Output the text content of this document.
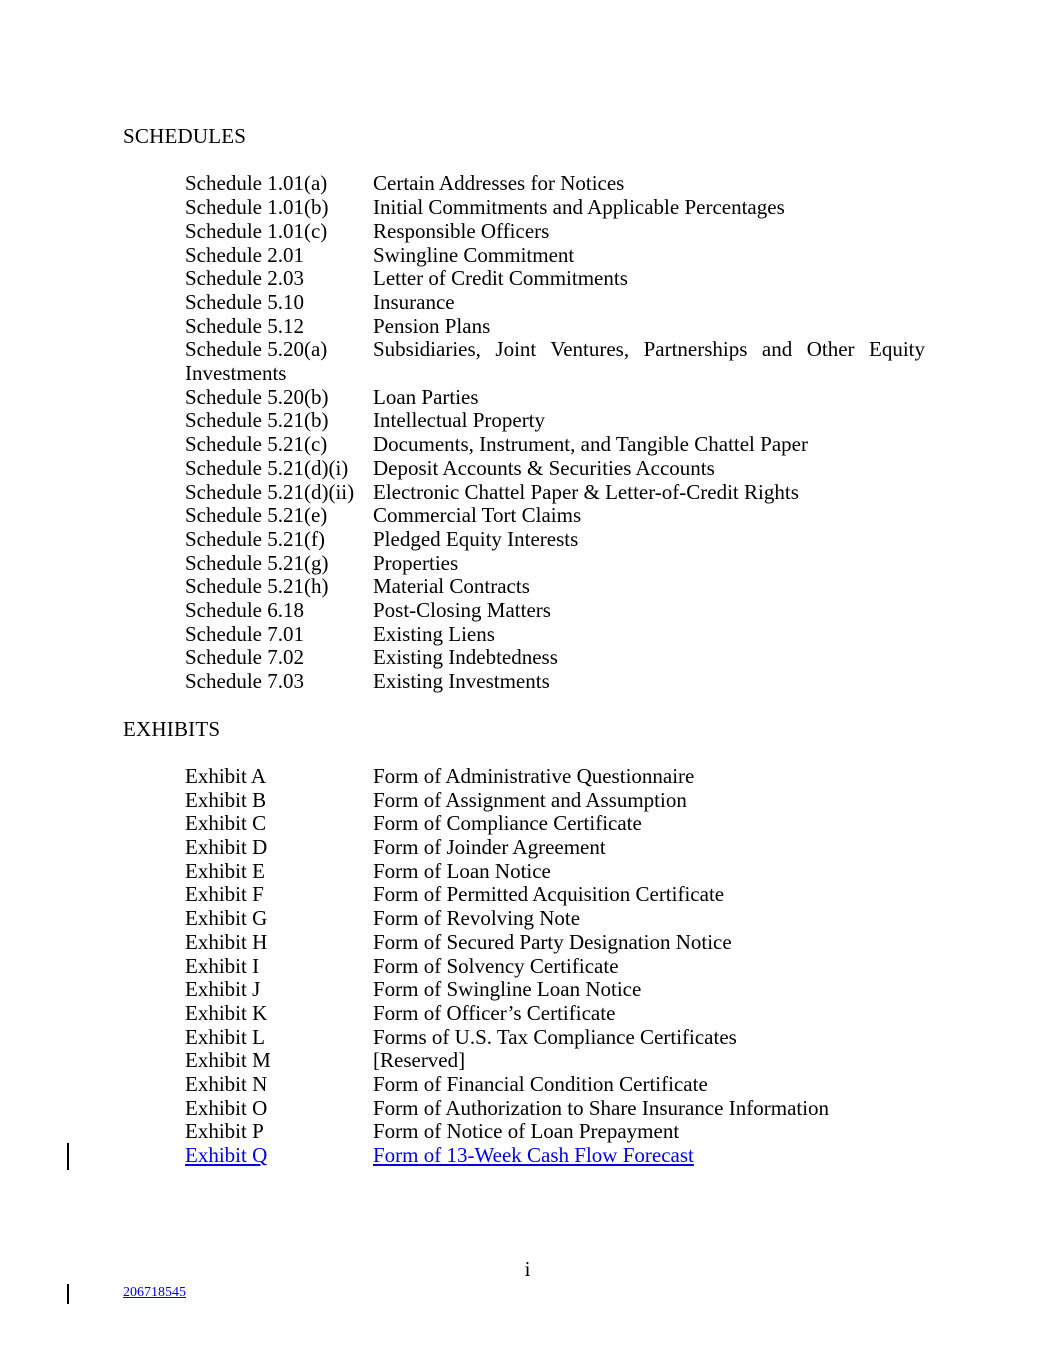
SCHEDULES
Schedule 1.01(a)	Certain Addresses for Notices
Schedule 1.01(b)	Initial Commitments and Applicable Percentages
Schedule 1.01(c)	Responsible Officers
Schedule 2.01	Swingline Commitment
Schedule 2.03	Letter of Credit Commitments
Schedule 5.10	Insurance
Schedule 5.12	Pension Plans
Schedule 5.20(a)	Subsidiaries, Joint Ventures, Partnerships and Other Equity
Investments
Schedule 5.20(b)	Loan Parties
Schedule 5.21(b)	Intellectual Property
Schedule 5.21(c)	Documents, Instrument, and Tangible Chattel Paper
Schedule 5.21(d)(i)	Deposit Accounts & Securities Accounts
Schedule 5.21(d)(ii) Electronic Chattel Paper & Letter-of-Credit Rights
Schedule 5.21(e)	Commercial Tort Claims
Schedule 5.21(f)	Pledged Equity Interests
Schedule 5.21(g)	Properties
Schedule 5.21(h)	Material Contracts
Schedule 6.18	Post-Closing Matters
Schedule 7.01	Existing Liens
Schedule 7.02	Existing Indebtedness
Schedule 7.03	Existing Investments
EXHIBITS
Exhibit A	Form of Administrative Questionnaire
Exhibit B	Form of Assignment and Assumption
Exhibit C	Form of Compliance Certificate
Exhibit D	Form of Joinder Agreement
Exhibit E	Form of Loan Notice
Exhibit F	Form of Permitted Acquisition Certificate
Exhibit G	Form of Revolving Note
Exhibit H	Form of Secured Party Designation Notice
Exhibit I	Form of Solvency Certificate
Exhibit J	Form of Swingline Loan Notice
Exhibit K	Form of Officer’s Certificate
Exhibit L	Forms of U.S. Tax Compliance Certificates
Exhibit M	[Reserved]
Exhibit N	Form of Financial Condition Certificate
Exhibit O	Form of Authorization to Share Insurance Information
Exhibit P	Form of Notice of Loan Prepayment
Exhibit Q	Form of 13-Week Cash Flow Forecast
i
206718545
